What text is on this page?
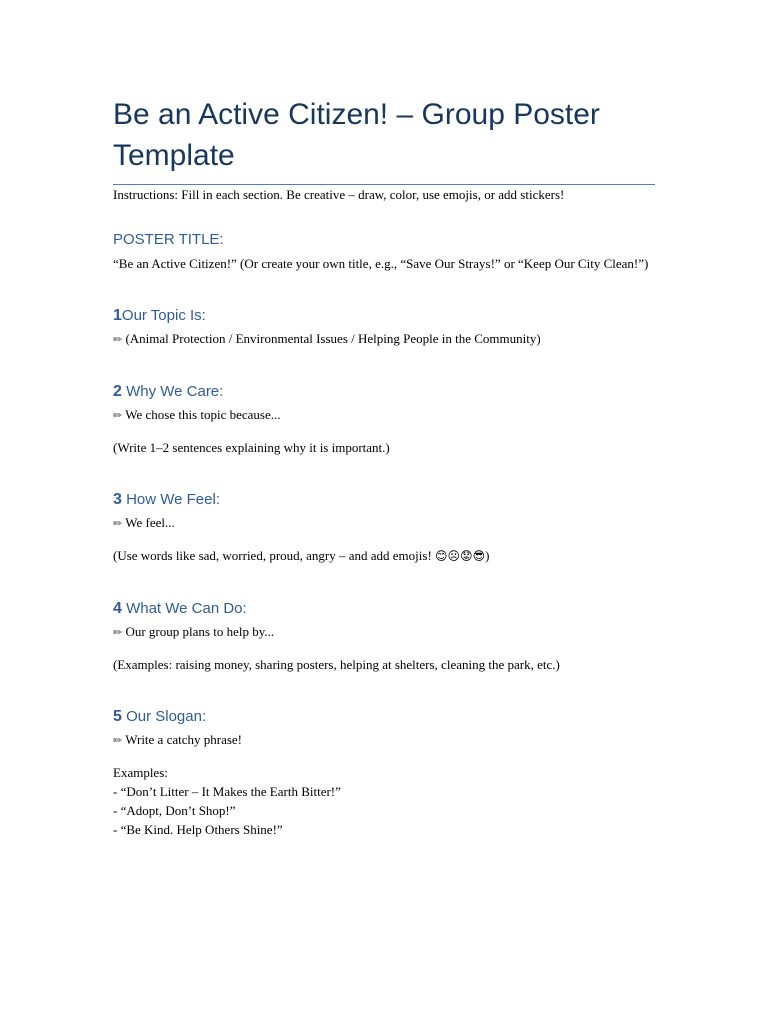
Be an Active Citizen! – Group Poster Template

Instructions: Fill in each section. Be creative – draw, color, use emojis, or add stickers!

POSTER TITLE:

“Be an Active Citizen!” (Or create your own title, e.g., “Save Our Strays!” or “Keep Our City Clean!”)

1Our Topic Is:

✏ (Animal Protection / Environmental Issues / Helping People in the Community)

2 Why We Care:

✏ We chose this topic because...

(Write 1–2 sentences explaining why it is important.)

3 How We Feel:

✏ We feel...

(Use words like sad, worried, proud, angry – and add emojis! 😊☹😟😎)

4 What We Can Do:

✏ Our group plans to help by...

(Examples: raising money, sharing posters, helping at shelters, cleaning the park, etc.)

5 Our Slogan:

✏ Write a catchy phrase!

Examples:
- “Don’t Litter – It Makes the Earth Bitter!”
- “Adopt, Don’t Shop!”
- “Be Kind. Help Others Shine!”
